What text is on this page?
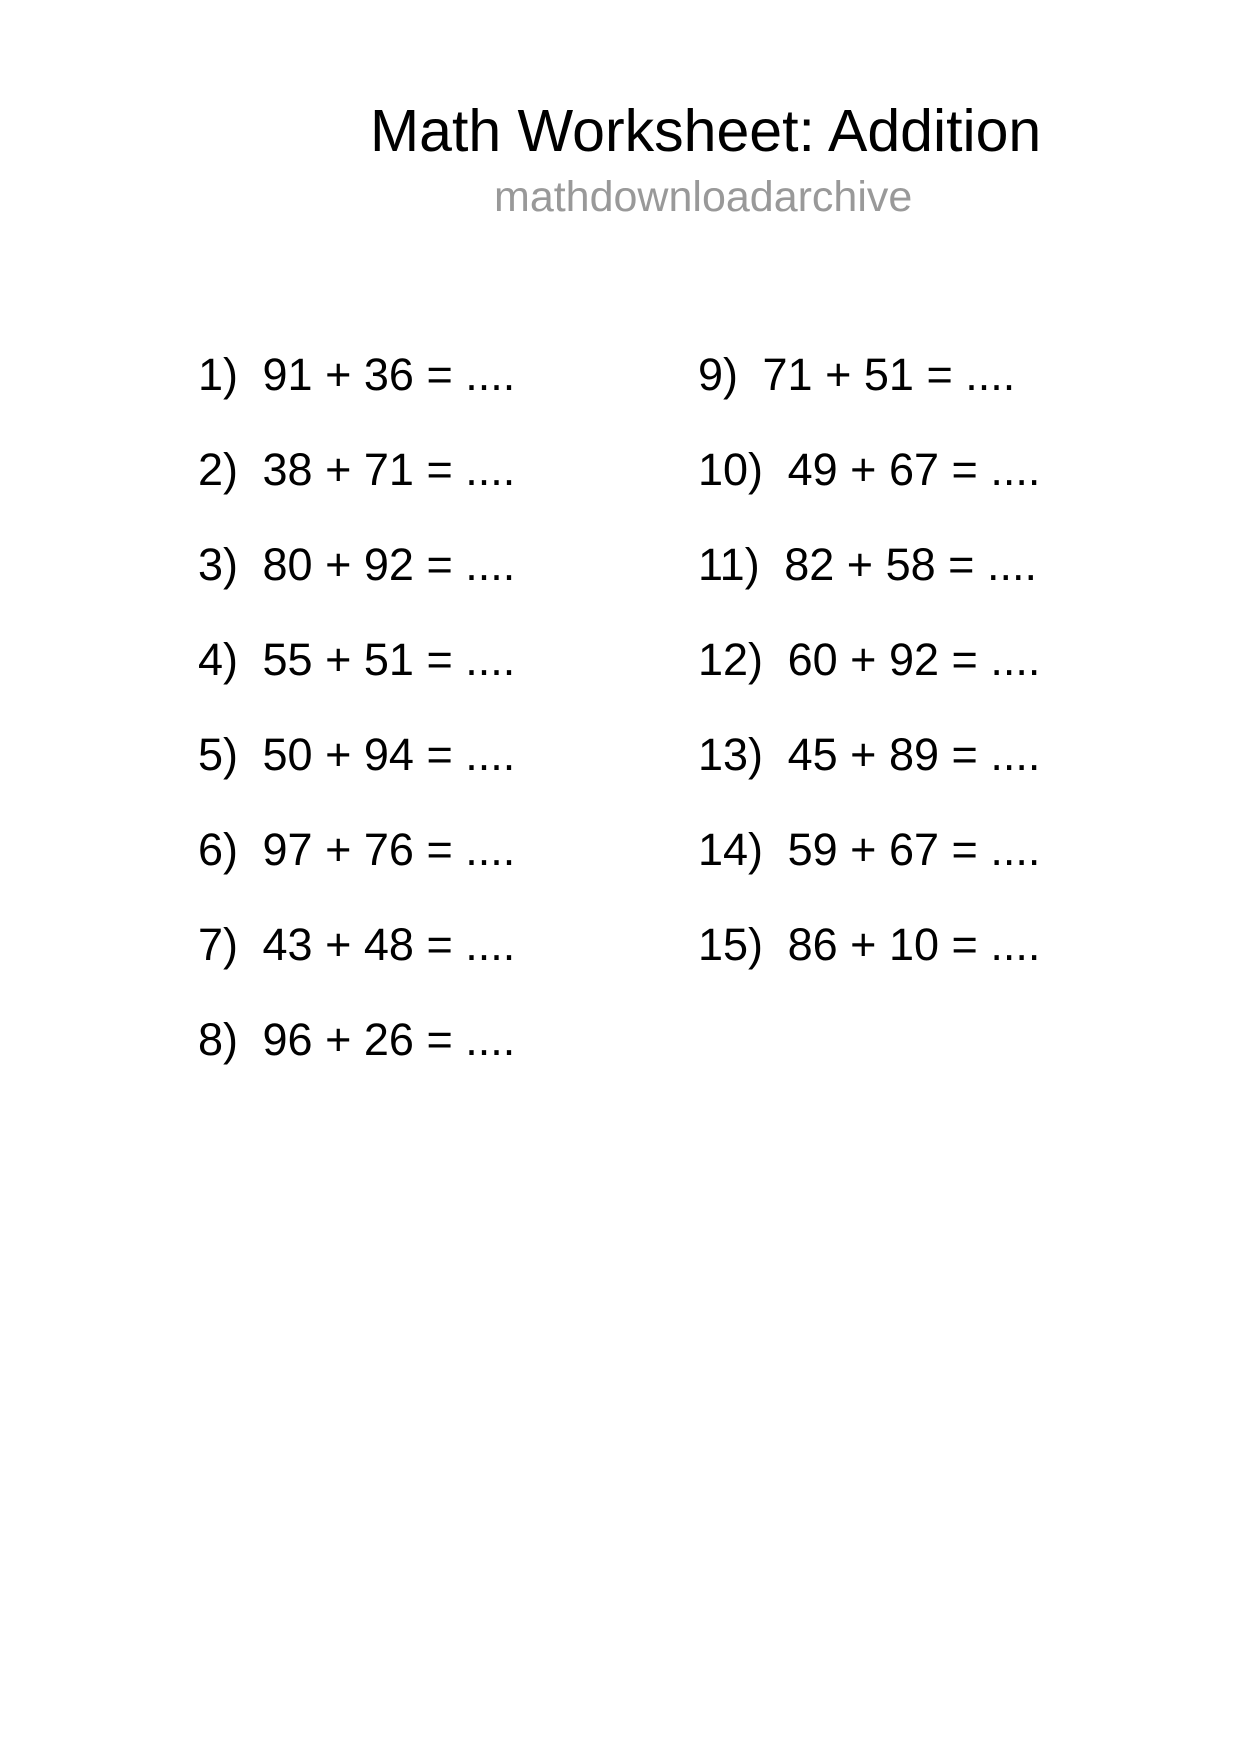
Math Worksheet: Addition
mathdownloadarchive
1) 91 + 36 = ....
2) 38 + 71 = ....
3) 80 + 92 = ....
4) 55 + 51 = ....
5) 50 + 94 = ....
6) 97 + 76 = ....
7) 43 + 48 = ....
8) 96 + 26 = ....
9) 71 + 51 = ....
10) 49 + 67 = ....
11) 82 + 58 = ....
12) 60 + 92 = ....
13) 45 + 89 = ....
14) 59 + 67 = ....
15) 86 + 10 = ....
